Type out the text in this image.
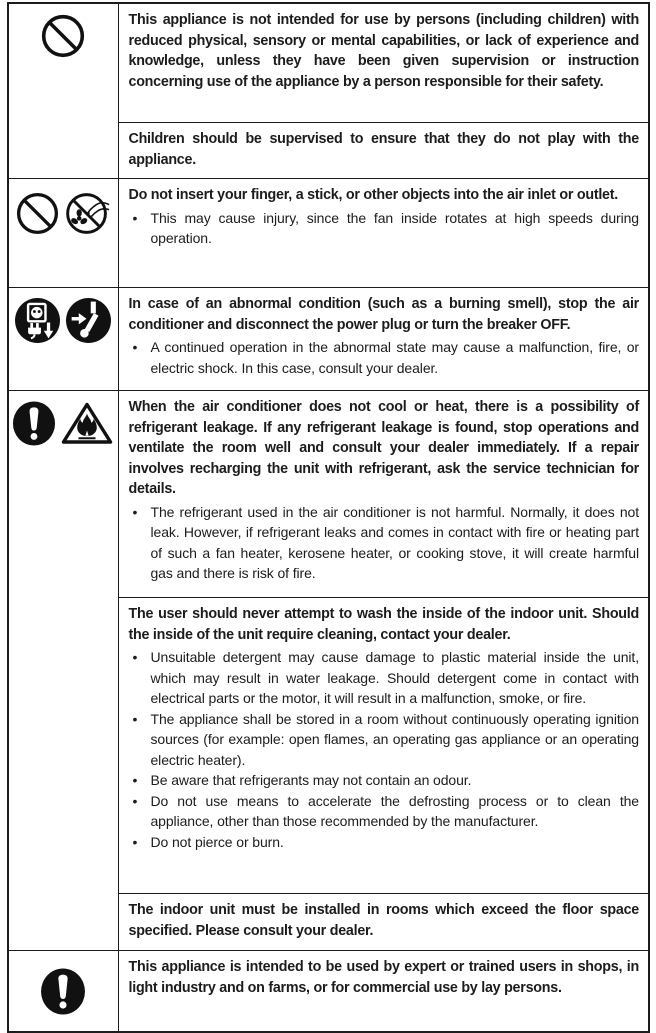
This appliance is not intended for use by persons (including children) with reduced physical, sensory or mental capabilities, or lack of experience and knowledge, unless they have been given supervision or instruction concerning use of the appliance by a person responsible for their safety.

	Children should be supervised to ensure that they do not play with the appliance.

Do not insert your finger, a stick, or other objects into the air inlet or outlet.

• This may cause injury, since the fan inside rotates at high speeds during operation.

In case of an abnormal condition (such as a burning smell), stop the air conditioner and disconnect the power plug or turn the breaker OFF.

• A continued operation in the abnormal state may cause a malfunction, fire, or electric shock. In this case, consult your dealer.

When the air conditioner does not cool or heat, there is a possibility of refrigerant leakage. If any refrigerant leakage is found, stop operations and ventilate the room well and consult your dealer immediately. If a repair involves recharging the unit with refrigerant, ask the service technician for details.

• The refrigerant used in the air conditioner is not harmful. Normally, it does not leak. However, if refrigerant leaks and comes in contact with fire or heating part of such a fan heater, kerosene heater, or cooking stove, it will create harmful gas and there is risk of fire.

The user should never attempt to wash the inside of the indoor unit. Should the inside of the unit require cleaning, contact your dealer.

• Unsuitable detergent may cause damage to plastic material inside the unit, which may result in water leakage. Should detergent come in contact with electrical parts or the motor, it will result in a malfunction, smoke, or fire.
• The appliance shall be stored in a room without continuously operating ignition sources (for example: open flames, an operating gas appliance or an operating electric heater).
• Be aware that refrigerants may not contain an odour.
• Do not use means to accelerate the defrosting process or to clean the appliance, other than those recommended by the manufacturer.
• Do not pierce or burn.

	The indoor unit must be installed in rooms which exceed the floor space specified. Please consult your dealer.

This appliance is intended to be used by expert or trained users in shops, in light industry and on farms, or for commercial use by lay persons.
